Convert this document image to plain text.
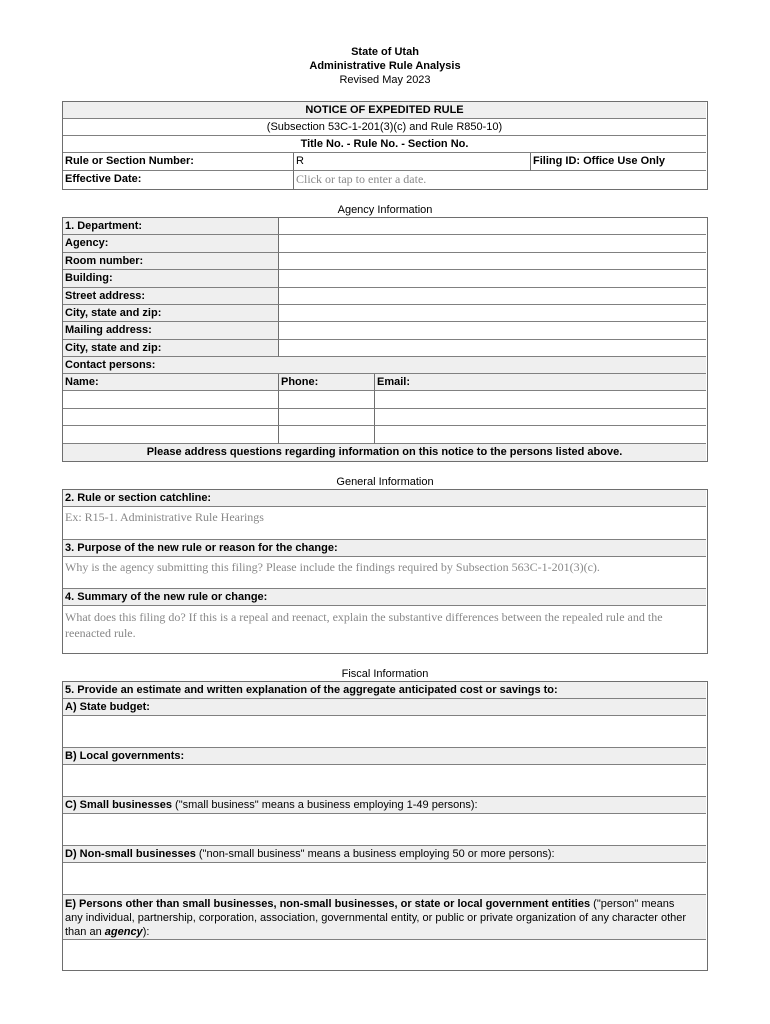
State of Utah
Administrative Rule Analysis
Revised May 2023
NOTICE OF EXPEDITED RULE
(Subsection 53C-1-201(3)(c) and Rule R850-10)
Title No. - Rule No. - Section No.
Rule or Section Number:	R	Filing ID: Office Use Only
Effective Date:	Click or tap to enter a date.
Agency Information
1. Department:
Agency:
Room number:
Building:
Street address:
City, state and zip:
Mailing address:
City, state and zip:
Contact persons:
Name:	Phone:	Email:
Please address questions regarding information on this notice to the persons listed above.
General Information
2. Rule or section catchline:
Ex: R15-1. Administrative Rule Hearings
3. Purpose of the new rule or reason for the change:
Why is the agency submitting this filing? Please include the findings required by Subsection 563C-1-201(3)(c).
4. Summary of the new rule or change:
What does this filing do? If this is a repeal and reenact, explain the substantive differences between the repealed rule and the
reenacted rule.
Fiscal Information
5. Provide an estimate and written explanation of the aggregate anticipated cost or savings to:
A) State budget:
B) Local governments:
C) Small businesses ("small business" means a business employing 1-49 persons):
D) Non-small businesses ("non-small business" means a business employing 50 or more persons):
E) Persons other than small businesses, non-small businesses, or state or local government entities ("person" means
any individual, partnership, corporation, association, governmental entity, or public or private organization of any character other
than an agency):
